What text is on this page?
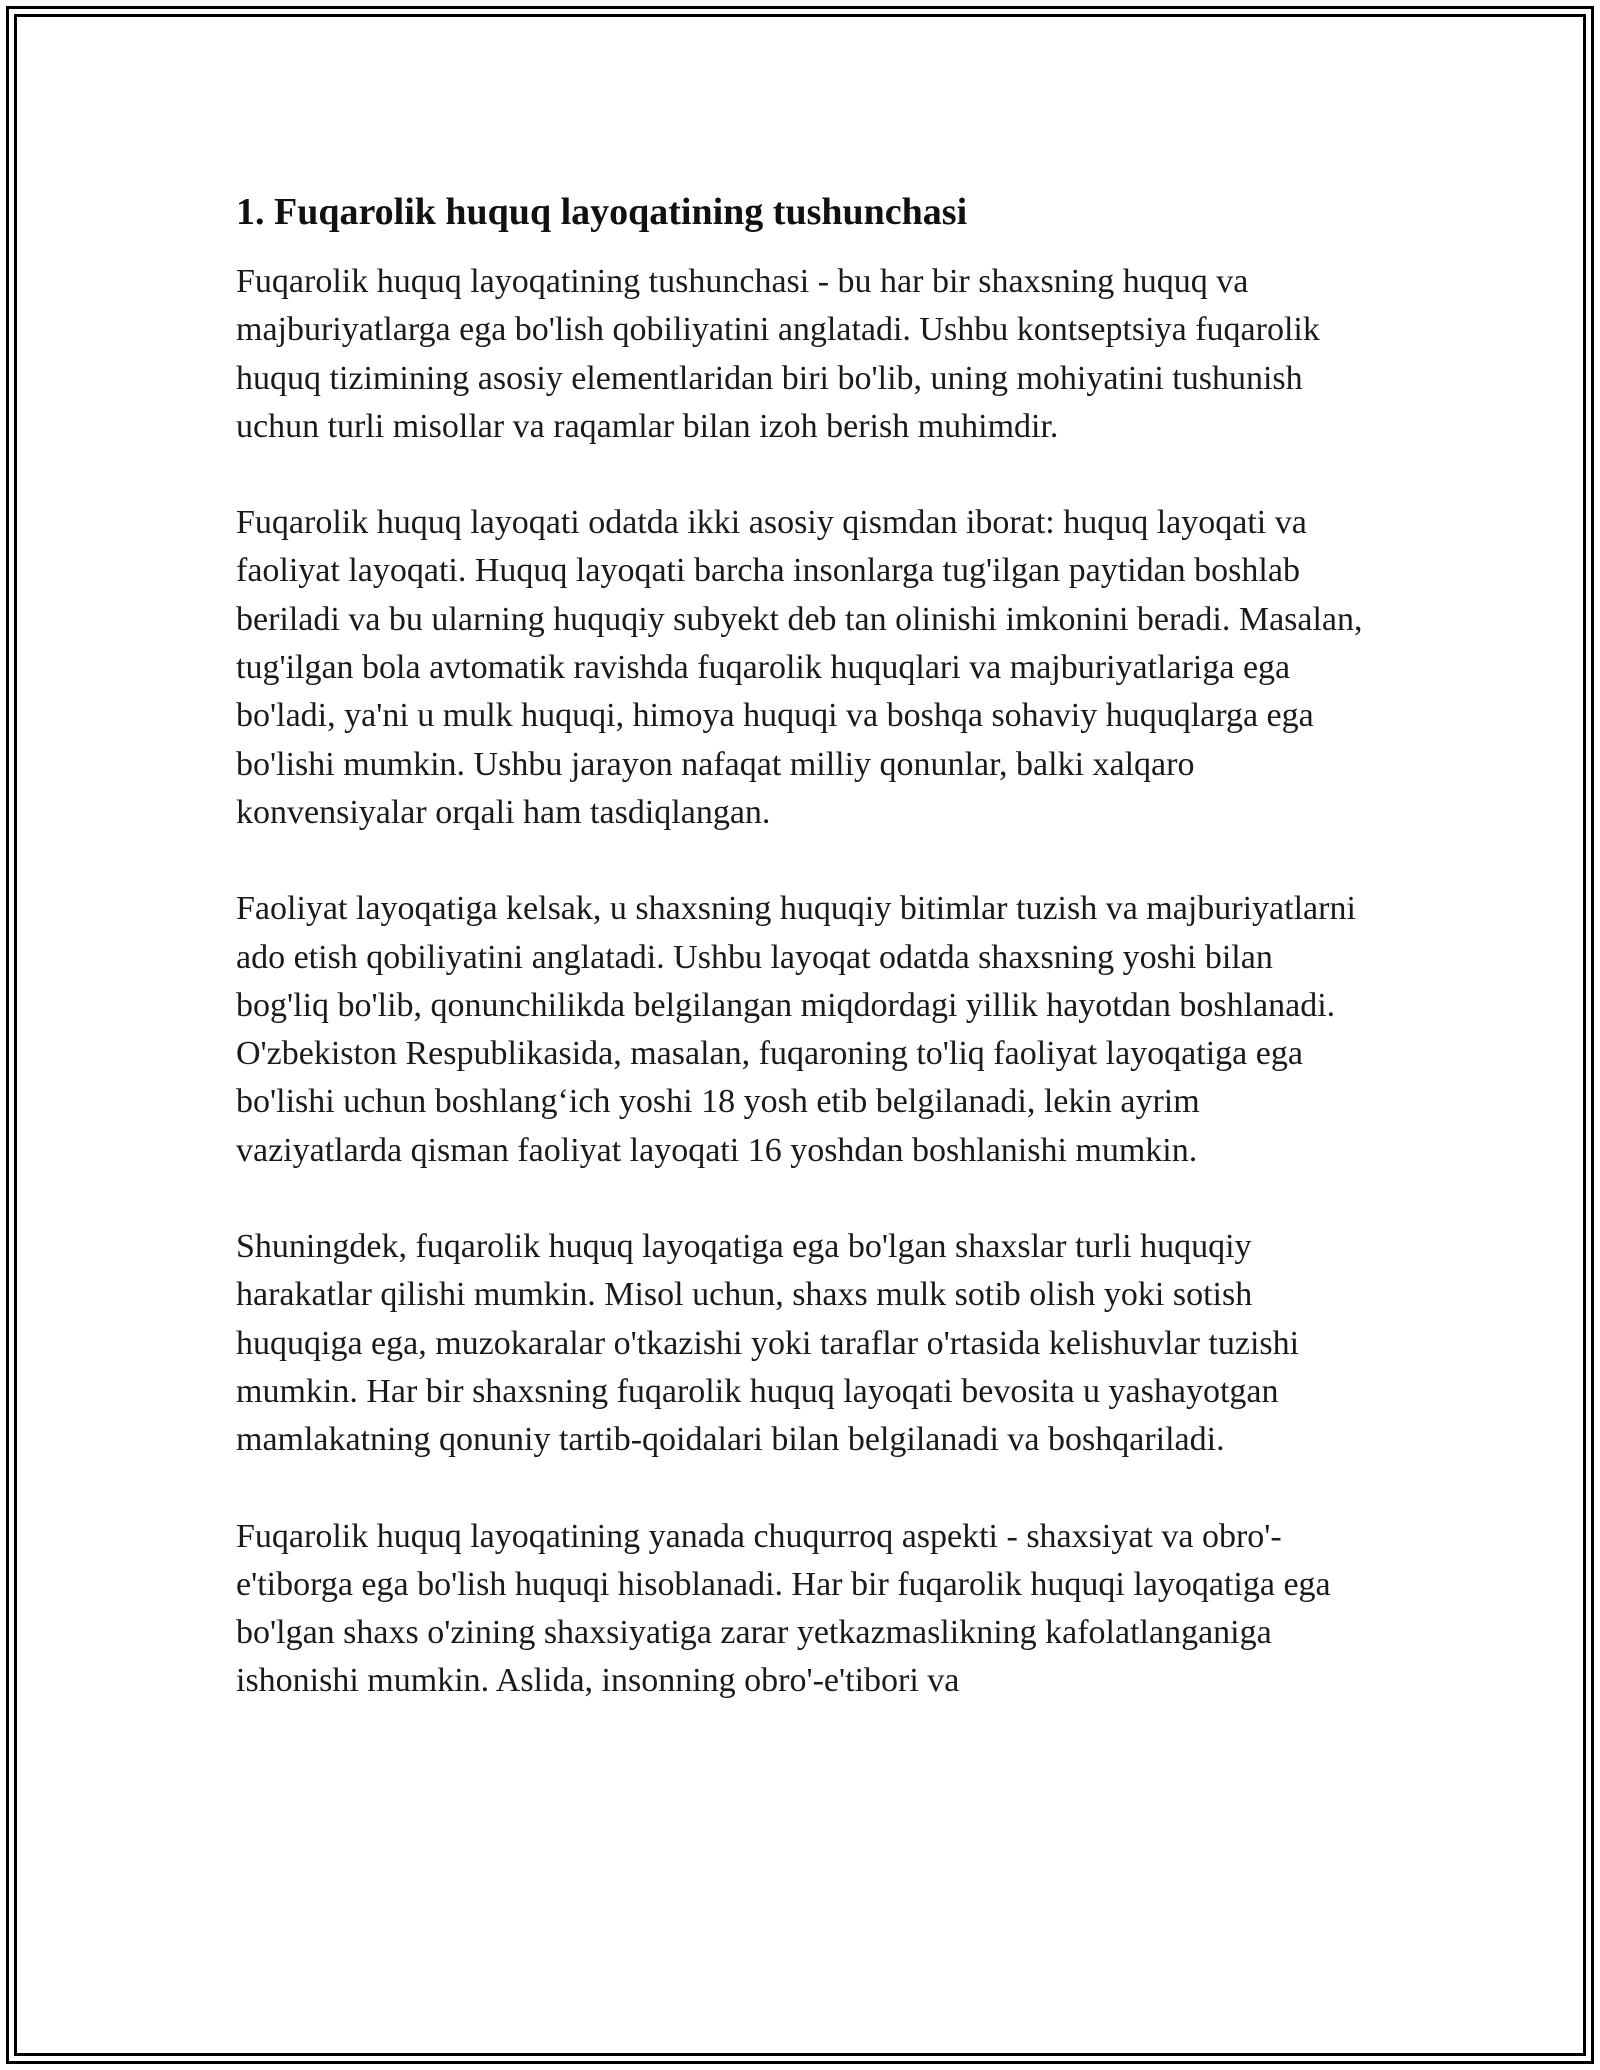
1. Fuqarolik huquq layoqatining tushunchasi

Fuqarolik huquq layoqatining tushunchasi - bu har bir shaxsning huquq va majburiyatlarga ega bo'lish qobiliyatini anglatadi. Ushbu kontseptsiya fuqarolik huquq tizimining asosiy elementlaridan biri bo'lib, uning mohiyatini tushunish uchun turli misollar va raqamlar bilan izoh berish muhimdir.

Fuqarolik huquq layoqati odatda ikki asosiy qismdan iborat: huquq layoqati va faoliyat layoqati. Huquq layoqati barcha insonlarga tug'ilgan paytidan boshlab beriladi va bu ularning huquqiy subyekt deb tan olinishi imkonini beradi. Masalan, tug'ilgan bola avtomatik ravishda fuqarolik huquqlari va majburiyatlariga ega bo'ladi, ya'ni u mulk huquqi, himoya huquqi va boshqa sohaviy huquqlarga ega bo'lishi mumkin. Ushbu jarayon nafaqat milliy qonunlar, balki xalqaro konvensiyalar orqali ham tasdiqlangan.

Faoliyat layoqatiga kelsak, u shaxsning huquqiy bitimlar tuzish va majburiyatlarni ado etish qobiliyatini anglatadi. Ushbu layoqat odatda shaxsning yoshi bilan bog'liq bo'lib, qonunchilikda belgilangan miqdordagi yillik hayotdan boshlanadi. O'zbekiston Respublikasida, masalan, fuqaroning to'liq faoliyat layoqatiga ega bo'lishi uchun boshlang‘ich yoshi 18 yosh etib belgilanadi, lekin ayrim vaziyatlarda qisman faoliyat layoqati 16 yoshdan boshlanishi mumkin.

Shuningdek, fuqarolik huquq layoqatiga ega bo'lgan shaxslar turli huquqiy harakatlar qilishi mumkin. Misol uchun, shaxs mulk sotib olish yoki sotish huquqiga ega, muzokaralar o'tkazishi yoki taraflar o'rtasida kelishuvlar tuzishi mumkin. Har bir shaxsning fuqarolik huquq layoqati bevosita u yashayotgan mamlakatning qonuniy tartib-qoidalari bilan belgilanadi va boshqariladi.

Fuqarolik huquq layoqatining yanada chuqurroq aspekti - shaxsiyat va obro'-e'tiborga ega bo'lish huquqi hisoblanadi. Har bir fuqarolik huquqi layoqatiga ega bo'lgan shaxs o'zining shaxsiyatiga zarar yetkazmaslikning kafolatlanganiga ishonishi mumkin. Aslida, insonning obro'-e'tibori va
